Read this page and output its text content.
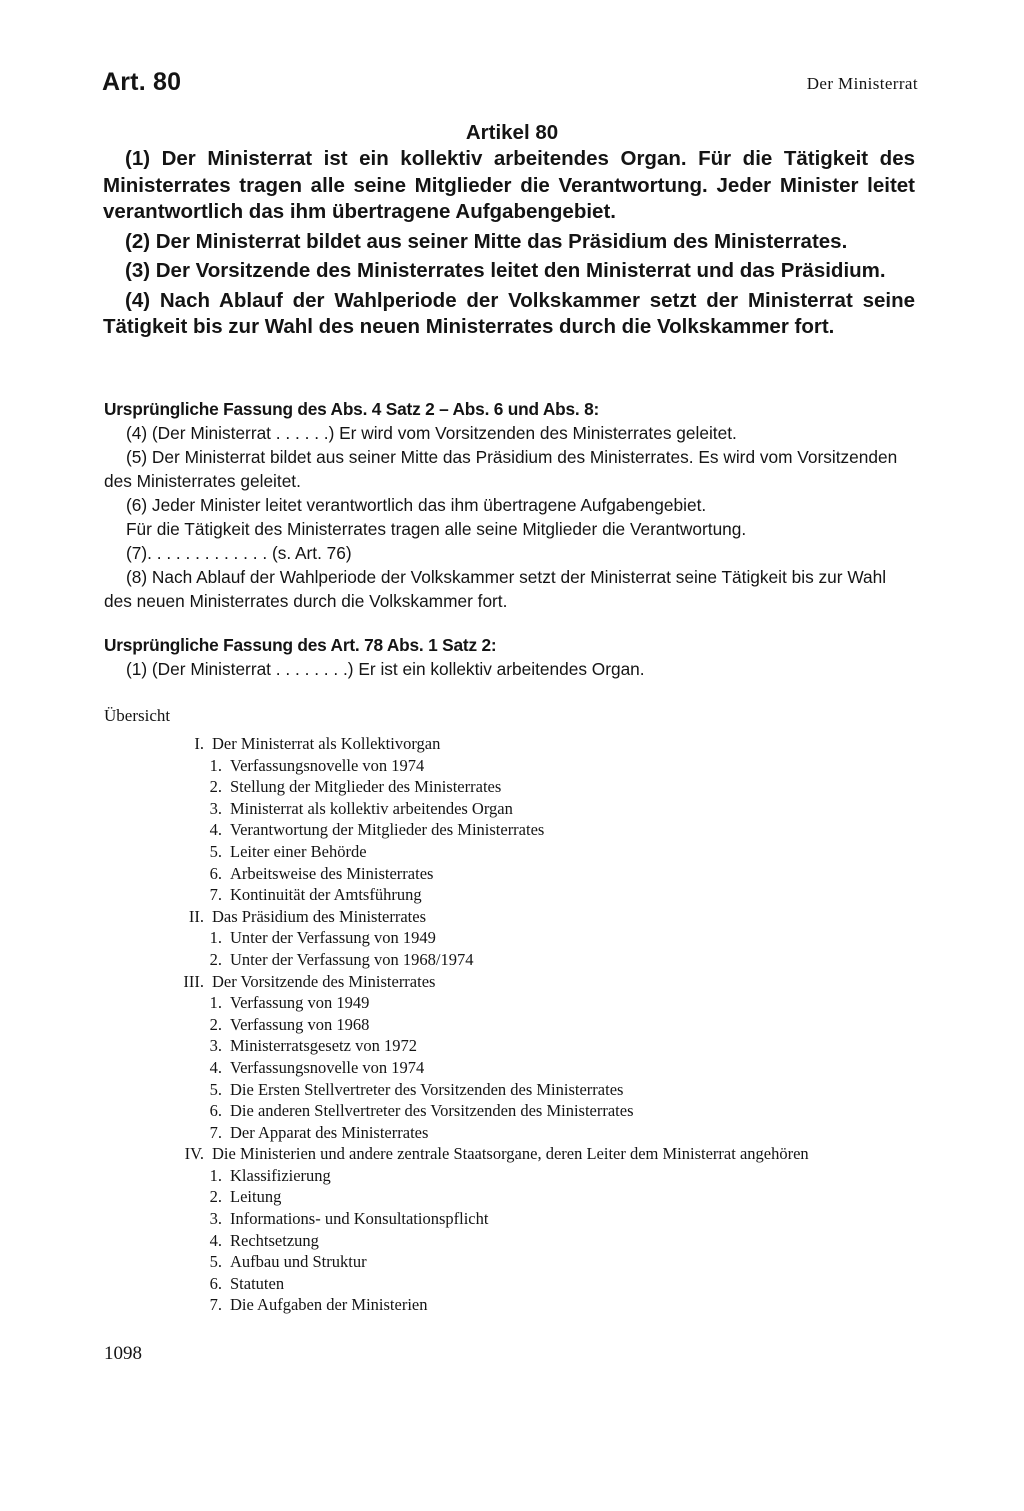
Art. 80	Der Ministerrat
Artikel 80

(1) Der Ministerrat ist ein kollektiv arbeitendes Organ. Für die Tätigkeit des Ministerrates tragen alle seine Mitglieder die Verantwortung. Jeder Minister leitet verantwortlich das ihm übertragene Aufgabengebiet.

(2) Der Ministerrat bildet aus seiner Mitte das Präsidium des Ministerrates.

(3) Der Vorsitzende des Ministerrates leitet den Ministerrat und das Präsidium.

(4) Nach Ablauf der Wahlperiode der Volkskammer setzt der Ministerrat seine Tätigkeit bis zur Wahl des neuen Ministerrates durch die Volkskammer fort.

Ursprüngliche Fassung des Abs. 4 Satz 2 – Abs. 6 und Abs. 8:

(4) (Der Ministerrat . . . . . .) Er wird vom Vorsitzenden des Ministerrates geleitet.

(5) Der Ministerrat bildet aus seiner Mitte das Präsidium des Ministerrates. Es wird vom Vorsitzenden des Ministerrates geleitet.

(6) Jeder Minister leitet verantwortlich das ihm übertragene Aufgabengebiet.

Für die Tätigkeit des Ministerrates tragen alle seine Mitglieder die Verantwortung.

(7). . . . . . . . . . . . . (s. Art. 76)

(8) Nach Ablauf der Wahlperiode der Volkskammer setzt der Ministerrat seine Tätigkeit bis zur Wahl des neuen Ministerrates durch die Volkskammer fort.

Ursprüngliche Fassung des Art. 78 Abs. 1 Satz 2:

(1) (Der Ministerrat . . . . . . . .) Er ist ein kollektiv arbeitendes Organ.

Übersicht
I. Der Ministerrat als Kollektivorgan
1. Verfassungsnovelle von 1974
2. Stellung der Mitglieder des Ministerrates
3. Ministerrat als kollektiv arbeitendes Organ
4. Verantwortung der Mitglieder des Ministerrates
5. Leiter einer Behörde
6. Arbeitsweise des Ministerrates
7. Kontinuität der Amtsführung
II. Das Präsidium des Ministerrates
1. Unter der Verfassung von 1949
2. Unter der Verfassung von 1968/1974
III. Der Vorsitzende des Ministerrates
1. Verfassung von 1949
2. Verfassung von 1968
3. Ministerratsgesetz von 1972
4. Verfassungsnovelle von 1974
5. Die Ersten Stellvertreter des Vorsitzenden des Ministerrates
6. Die anderen Stellvertreter des Vorsitzenden des Ministerrates
7. Der Apparat des Ministerrates
IV. Die Ministerien und andere zentrale Staatsorgane, deren Leiter dem Ministerrat angehören
1. Klassifizierung
2. Leitung
3. Informations- und Konsultationspflicht
4. Rechtsetzung
5. Aufbau und Struktur
6. Statuten
7. Die Aufgaben der Ministerien
1098
